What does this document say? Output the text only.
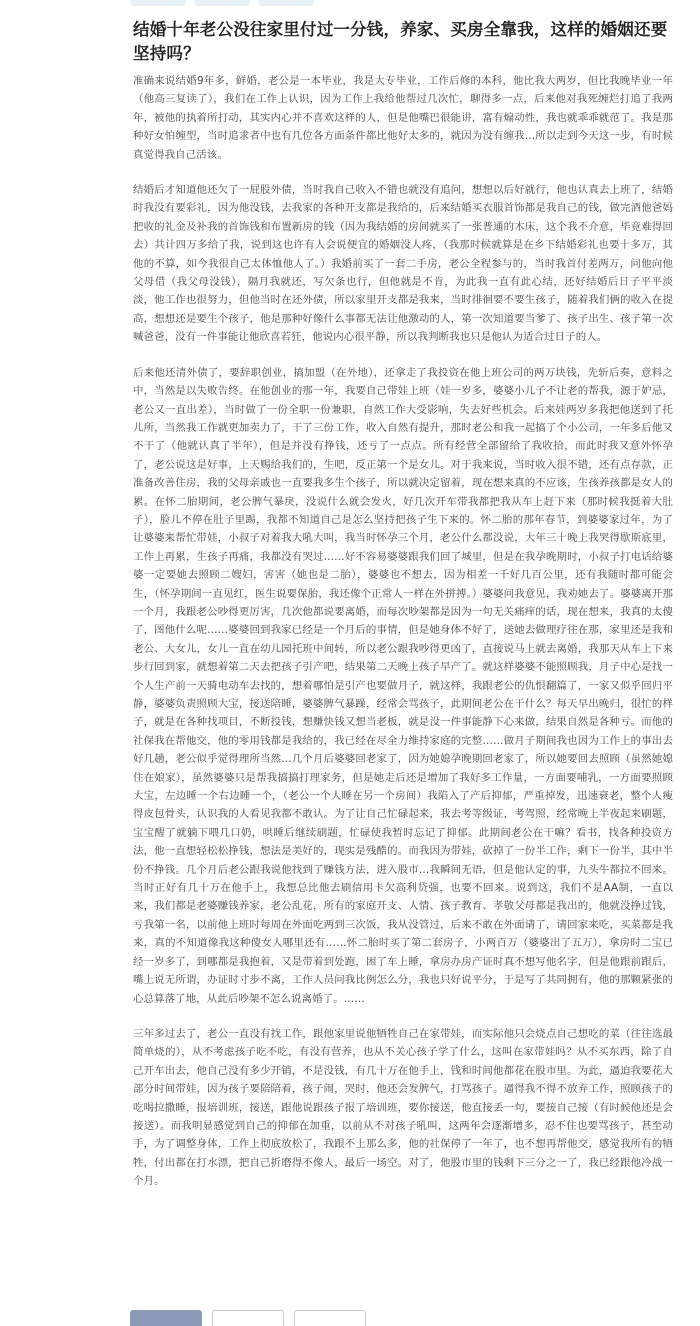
结婚十年老公没往家里付过一分钱，养家、买房全靠我，这样的婚姻还要坚持吗？

准确来说结婚9年多，鲜婚，老公是一本毕业，我是大专毕业，工作后修的本科，他比我大两岁，但比我晚毕业一年（他高三复读了），我们在工作上认识，因为工作上我给他帮过几次忙，聊得多一点，后来他对我死缠烂打追了我两年，被他的执着所打动，其实内心并不喜欢这样的人，但是他嘴巴很能讲，富有煽动性，我也就乖乖就范了。我是那种好女怕缠型，当时追求者中也有几位各方面条件都比他好太多的，就因为没有缠我…所以走到今天这一步，有时候真觉得我自己活该。

结婚后才知道他还欠了一屁股外债，当时我自己收入不错也就没有追问，想想以后好就行，他也认真去上班了，结婚时我没有要彩礼，因为他没钱，去我家的各种开支都是我给的，后来结婚买衣服首饰都是我自己的钱，做完酒他爸妈把收的礼金及补我的首饰钱和布置新房的钱（因为我结婚的房间就买了一张普通的木床，这个我不介意，毕竟难得回去）共计四万多给了我，说到这也许有人会说便宜的婚姻没人疼，（我那时候就算是在乡下结婚彩礼也要十多万，其他的不算，如今我很自己太体恤他人了。）我婚前买了一套二手房，老公全程参与的，当时我首付差两万，问他向他父母借（我父母没钱），隔月我就还，写欠条也行，但他就是不肯，为此我一直有此心结，还好结婚后日子平平淡淡，他工作也很努力，但他当时在还外债，所以家里开支都是我来，当时徘徊要不要生孩子，随着我们俩的收入在提高，想想还是要生个孩子，他是那种好像什么事都无法让他激动的人，第一次知道要当爹了、孩子出生、孩子第一次喊爸爸，没有一件事能让他欣喜若狂，他说内心很平静，所以我判断我也只是他认为适合过日子的人。

后来他还清外债了，要辞职创业，搞加盟（在外地），还拿走了我投资在他上班公司的两万块钱，先斩后奏，意料之中，当然是以失败告终。在他创业的那一年，我要自己带娃上班（娃一岁多，婆婆小儿子不让老的帮我，源于妒忌，老公又一直出差），当时做了一份全职一份兼职，自然工作大受影响，失去好些机会。后来娃两岁多我把他送到了托儿所，当然我工作就更加卖力了，干了三份工作，收入自然有提升，那时老公和我一起搞了个小公司，一年多后他又不干了（他就认真了半年），但是并没有挣钱，还亏了一点点。所有经营全部留给了我收拾，而此时我又意外怀孕了，老公说这是好事，上天赐给我们的，生吧，反正第一个是女儿。对于我来说，当时收入很不错，还有点存款，正准备改善住房，我的父母亲戚也一直要我多生个孩子，所以就决定留着，现在想来真的不应该，生孩养孩都是女人的累。在怀二胎期间，老公脾气暴戾，没说什么就会发火，好几次开车带我都把我从车上赶下来（那时候我挺着大肚子），脸儿不停在肚子里踢，我都不知道自己是怎么坚持把孩子生下来的。怀二胎的那年春节，到婆婆家过年，为了让婆婆来帮忙带娃，小叔子对着我大吼大叫，我当时怀孕三个月，老公什么都没说，大年三十晚上我哭得歇斯底里，工作上再累，生孩子再痛，我都没有哭过……好不容易婆婆跟我们回了城里，但是在我孕晚期时，小叔子打电话给婆婆一定要她去照顾二嫂妇，害害（她也是二胎），婆婆也不想去，因为相差一千好几百公里，还有我随时都可能会生，（怀孕期间一直见红，医生说要保胎，我还像个正常人一样在外拼搏。）婆婆问我意见，我劝她去了。婆婆离开那一个月，我跟老公吵得更厉害，几次他都说要离婚，而每次吵架都是因为一句无关痛痒的话，现在想来，我真的太傻了，图他什么呢……婆婆回到我家已经是一个月后的事情，但是她身体不好了，送她去做理疗往在那，家里还是我和老公、大女儿，女儿一直在幼儿园托班中间转，所以老公跟我吵得更凶了，直接说马上就去离婚，我那天从车上下来步行回到家，就想着第二天去把孩子引产吧，结果第二天晚上孩子早产了。就这样婆婆不能照顾我，月子中心是找一个人生产前一天骑电动车去找的，想着哪怕是引产也要做月子，就这样，我跟老公的仇恨翻篇了，一家又似乎回归平静，婆婆负责照顾大宝，接送陪睡，婆婆脾气暴躁，经常会骂孩子，此期间老公在干什么？每天早出晚归，很忙的样子，就是在各种找项目，不断投钱，想赚快钱又想当老板，就是没一件事能静下心来做，结果自然是各种亏。而他的社保我在帮他交，他的零用钱都是我给的，我已经在尽全力维持家庭的完整……做月子期间我也因为工作上的事出去好几趟，老公似乎觉得理所当然…几个月后婆婆回老家了，因为她媳孕晚期回老家了，所以她要回去照顾（虽然她媳住在娘家），虽然婆婆只是帮我搞搞打理家务，但是她走后还是增加了我好多工作量，一方面要哺乳，一方面要照顾大宝，左边睡一个右边睡一个，（老公一个人睡在另一个房间）我陷入了产后抑郁，严重掉发，迅速衰老，整个人瘦得皮包骨头，认识我的人看见我都不敢认。为了让自己忙碌起来，我去考等级证，考驾照，经常晚上半夜起来刷题，宝宝醒了就躺下喂几口奶，哄睡后继续刷题，忙碌使我暂时忘记了抑郁。此期间老公在干嘛？看书，找各种投资方法，他一直想轻松松挣钱，想法是美好的，现实是残酷的。而我因为带娃，砍掉了一份半工作，剩下一份半，其中半份不挣钱。几个月后老公跟我说他找到了赚钱方法，进入股市…我瞬间无语，但是他认定的事，九头牛都拉不回来。当时正好有几十万在他手上，我想总比他去刷信用卡欠高利贷强，也要不回来。说到这，我们不是AA制，一直以来，我们都是老婆赚钱养家，老公乱花，所有的家庭开支、人情、孩子教育、孝敬父母都是我出的，他就没挣过钱，亏我第一名，以前他上班时每周在外面吃两到三次饭，我从没管过，后来不敢在外面请了，请回家来吃，买菜都是我来，真的不知道像我这种傻女人哪里还有……怀二胎时买了第二套房子，小两百万（婆婆出了五万），拿房时二宝已经一岁多了，到哪都是我抱着，又是带着到处跑，困了车上睡，拿房办房产证时真不想写他名字，但是他跟前跟后，嘴上说无所谓，办证时寸步不离，工作人员问我比例怎么分，我也只好说平分，于是写了共同拥有，他的那颗紧张的心总算落了地，从此后吵架不怎么说离婚了。……

三年多过去了，老公一直没有找工作，跟他家里说他牺牲自己在家带娃，而实际他只会烧点自己想吃的菜（往往选最简单烧的），从不考虑孩子吃不吃，有没有营养，也从不关心孩子学了什么，这叫在家带娃吗？从不买东西，除了自己开车出去，他自己没有多少开销，不是没钱，有几十万在他手上，钱和时间他都花在股市里。为此，逼迫我要花大部分时间带娃，因为孩子要陪陪着，孩子闹，哭时，他还会发脾气，打骂孩子。逼得我不得不放弃工作，照顾孩子的吃喝拉撒睡，报培训班，接送，跟他说跟孩子报了培训班，要你接送，他直接丢一句，要接自己接（有时候他还是会接送）。而我明显感觉到自己的抑郁在加重，以前从不对孩子吼叫，这两年会逐渐增多，忍不住也要骂孩子，甚至动手，为了调整身体，工作上彻底放松了，我跟不上那么多，他的社保停了一年了，也不想再帮他交，感觉我所有的牺牲，付出都在打水漂，把自己折磨得不像人，最后一场空。对了，他股市里的钱剩下三分之一了，我已经跟他冷战一个月。
